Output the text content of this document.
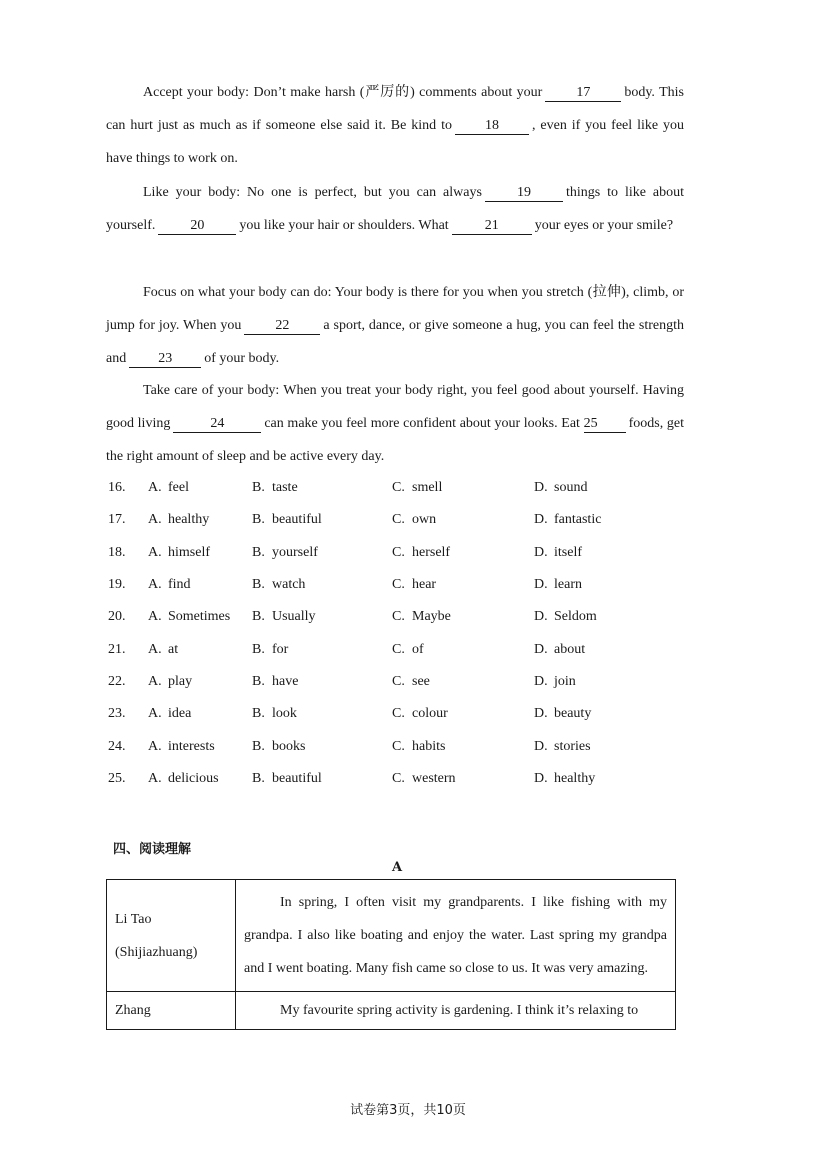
Accept your body: Don’t make harsh (严厉的) comments about your 17 body. This can hurt just as much as if someone else said it. Be kind to 18 , even if you feel like you have things to work on.
Like your body: No one is perfect, but you can always	19	things to like about yourself.	20	you like your hair or shoulders. What	21	your eyes or your smile?
Focus on what your body can do: Your body is there for you when you stretch (拉伸), climb, or jump for joy. When you 22 a sport, dance, or give someone a hug, you can feel the strength and 23 of your body.
Take care of your body: When you treat your body right, you feel good about yourself. Having good living	24	can make you feel more confident about your looks. Eat 25 foods, get the right amount of sleep and be active every day.
16.	A. feel	B. taste	C. smell	D. sound
17.	A. healthy	B. beautiful	C. own	D. fantastic
18.	A. himself	B. yourself	C. herself	D. itself
19.	A. find	B. watch	C. hear	D. learn
20.	A. Sometimes B. Usually	C. Maybe	D. Seldom
21.	A. at	B. for	C. of	D. about
22.	A. play	B. have	C. see	D. join
23.	A. idea	B. look	C. colour	D. beauty
24.	A. interests	B. books	C. habits	D. stories
25.	A. delicious B. beautiful	C. western	D. healthy
四、阅读理解
A
Li Tao
(Shijiazhuang)	In spring, I often visit my grandparents. I like fishing with my grandpa. I also like boating and enjoy the water. Last spring my grandpa and I went boating. Many fish came so close to us. It was very amazing.

Zhang	My favourite spring activity is gardening. I think it’s relaxing to
试卷第3页，共10页
